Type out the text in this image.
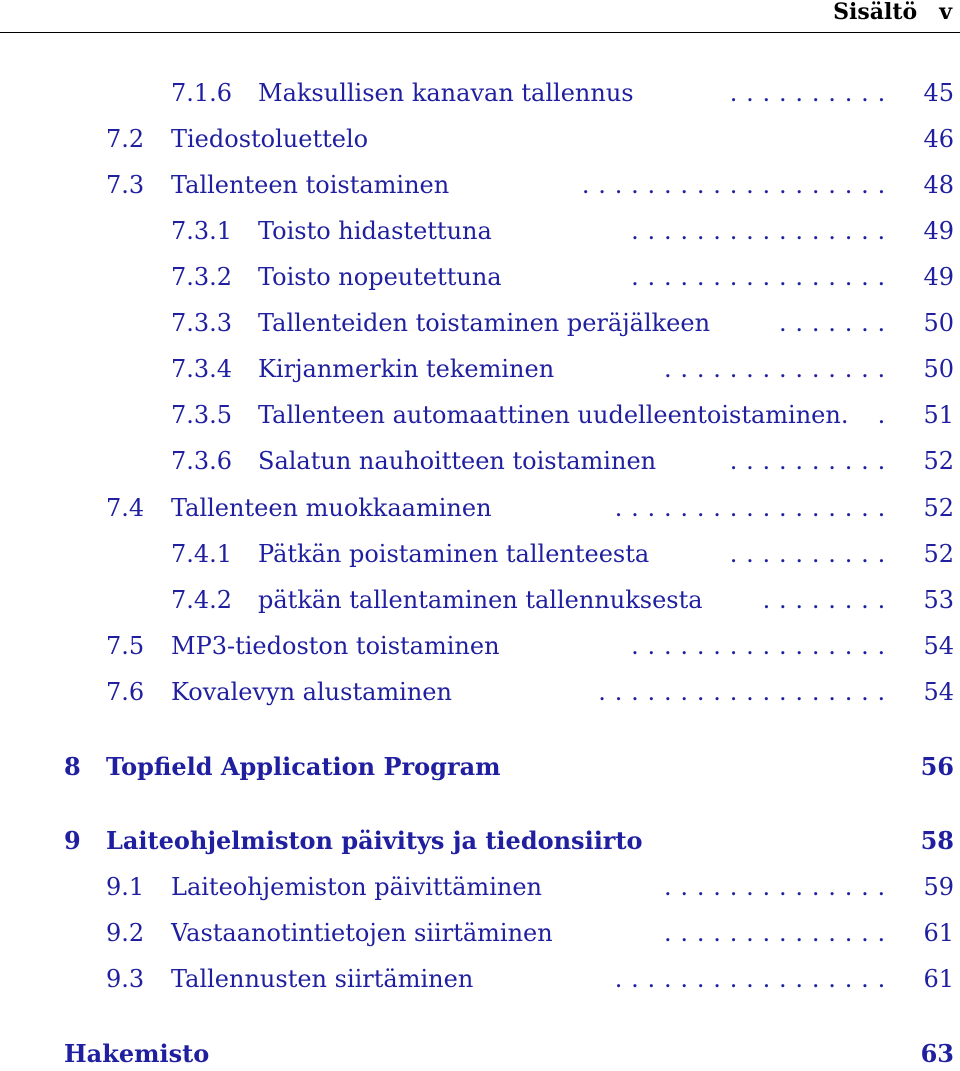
Sisältö v
7.1.6 Maksullisen kanavan tallennus	.......... 45
7.2 Tiedostoluettelo	46
7.3 Tallenteen toistaminen	................... 48
7.3.1 Toisto hidastettuna	................ 49
7.3.2 Toisto nopeutettuna	................ 49
7.3.3 Tallenteiden toistaminen peräjälkeen	....... 50
7.3.4 Kirjanmerkin tekeminen	.............. 50
7.3.5 Tallenteen automaattinen uudelleentoistaminen.	. 51
7.3.6 Salatun nauhoitteen toistaminen	.......... 52
7.4 Tallenteen muokkaaminen	................. 52
7.4.1 Pätkän poistaminen tallenteesta	.......... 52
7.4.2 pätkän tallentaminen tallennuksesta	........ 53
7.5 MP3-tiedoston toistaminen	................ 54
7.6 Kovalevyn alustaminen	.................. 54
8 Topfield Application Program	56
9 Laiteohjelmiston päivitys ja tiedonsiirto	58
9.1 Laiteohjemiston päivittäminen	.............. 59
9.2 Vastaanotintietojen siirtäminen	.............. 61
9.3 Tallennusten siirtäminen	................. 61
Hakemisto	63
